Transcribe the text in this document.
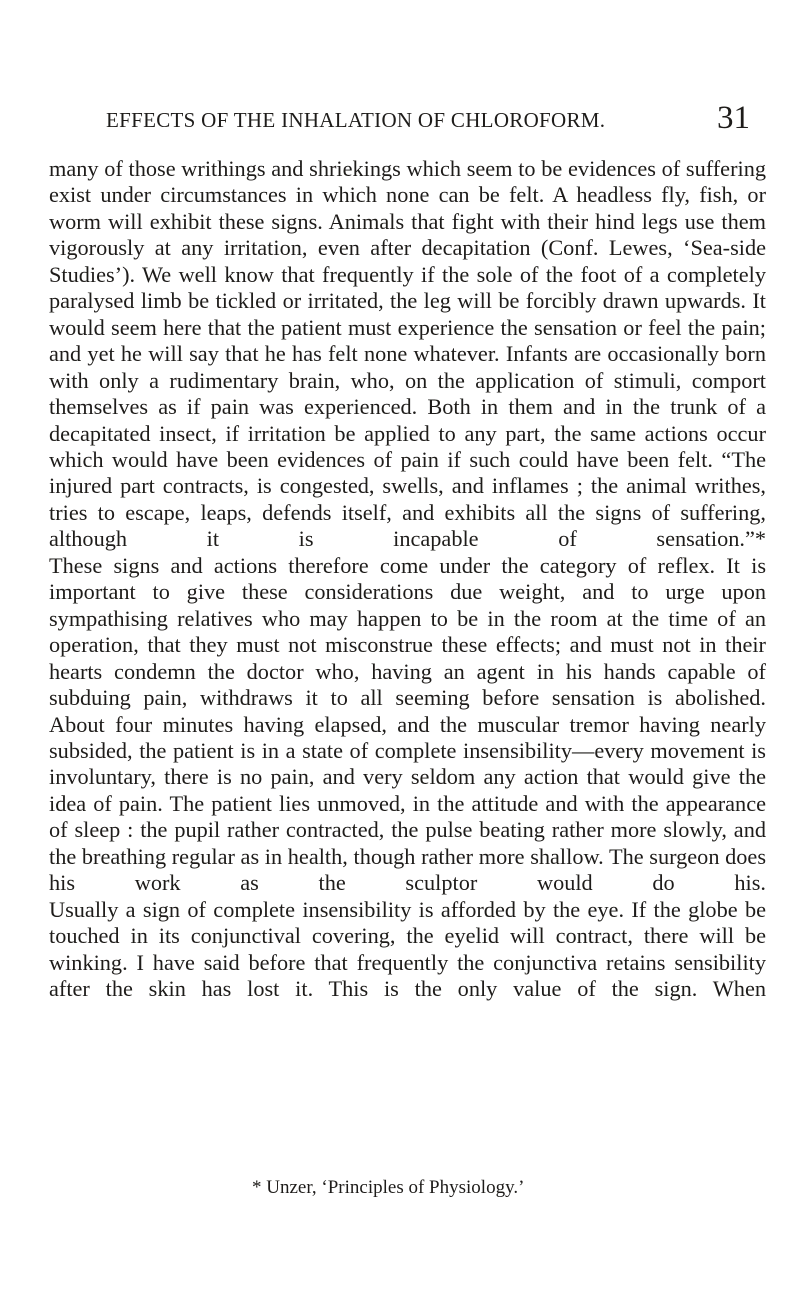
EFFECTS OF THE INHALATION OF CHLOROFORM.	31

many of those writhings and shriekings which seem to be evidences of suffering exist under circumstances in which none can be felt. A headless fly, fish, or worm will exhibit these signs. Animals that fight with their hind legs use them vigorously at any irritation, even after decapitation (Conf. Lewes, ‘Sea-side Studies’). We well know that frequently if the sole of the foot of a completely paralysed limb be tickled or irritated, the leg will be forcibly drawn upwards. It would seem here that the patient must experience the sensation or feel the pain; and yet he will say that he has felt none whatever. Infants are occasionally born with only a rudimentary brain, who, on the application of stimuli, comport themselves as if pain was experienced. Both in them and in the trunk of a decapitated insect, if irritation be applied to any part, the same actions occur which would have been evidences of pain if such could have been felt. “The injured part contracts, is congested, swells, and inflames ; the animal writhes, tries to escape, leaps, defends itself, and exhibits all the signs of suffering, although it is incapable of sensation.”*

These signs and actions therefore come under the category of reflex. It is important to give these considerations due weight, and to urge upon sympathising relatives who may happen to be in the room at the time of an operation, that they must not misconstrue these effects; and must not in their hearts condemn the doctor who, having an agent in his hands capable of subduing pain, withdraws it to all seeming before sensation is abolished.

About four minutes having elapsed, and the muscular tremor having nearly subsided, the patient is in a state of complete insensibility—every movement is involuntary, there is no pain, and very seldom any action that would give the idea of pain. The patient lies unmoved, in the attitude and with the appearance of sleep : the pupil rather contracted, the pulse beating rather more slowly, and the breathing regular as in health, though rather more shallow. The surgeon does his work as the sculptor would do his.

Usually a sign of complete insensibility is afforded by the eye. If the globe be touched in its conjunctival covering, the eyelid will contract, there will be winking. I have said before that frequently the conjunctiva retains sensibility after the skin has lost it. This is the only value of the sign. When

* Unzer, ‘Principles of Physiology.’
